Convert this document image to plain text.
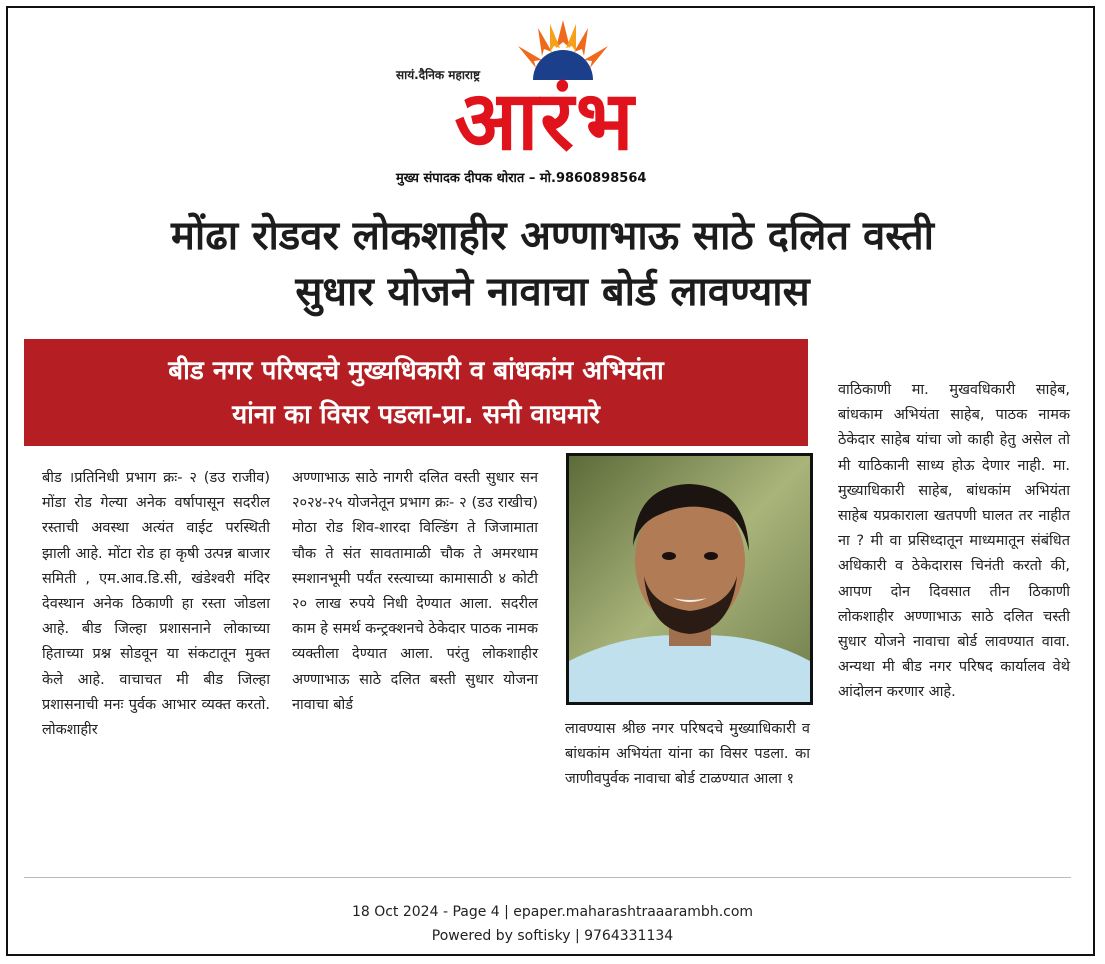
सायं.दैनिक महाराष्ट्र
आरंभ
मुख्य संपादक दीपक थोरात – मो.9860898564
मोंढा रोडवर लोकशाहीर अण्णाभाऊ साठे दलित वस्ती
सुधार योजने नावाचा बोर्ड लावण्यास
बीड नगर परिषदचे मुख्यधिकारी व बांधकांम अभियंता
यांना का विसर पडला-प्रा. सनी वाघमारे
बीड ।प्रतिनिधी प्रभाग क्रः- २ (डउ राजीव) मोंडा रोड गेल्या अनेक वर्षापासून सदरील रस्ताची अवस्था अत्यंत वाईट परस्थिती झाली आहे. मोंटा रोड हा कृषी उत्पन्न बाजार समिती , एम.आव.डि.सी, खंडेश्वरी मंदिर देवस्थान अनेक ठिकाणी हा रस्ता जोडला आहे. बीड जिल्हा प्रशासनाने लोकाच्या हिताच्या प्रश्न सोडवून या संकटातून मुक्त केले आहे. वाचाचत मी बीड जिल्हा प्रशासनाची मनः पुर्वक आभार व्यक्त करतो. लोकशाहीर
अण्णाभाऊ साठे नागरी दलित वस्ती सुधार सन २०२४-२५ योजनेतून प्रभाग क्रः- २ (डउ राखीच) मोठा रोड शिव-शारदा विल्डिंग ते जिजामाता चौक ते संत सावतामाळी चौक ते अमरधाम स्मशानभूमी पर्यंत रस्त्याच्या कामासाठी ४ कोटी २० लाख रुपये निधी देण्यात आला. सदरील काम हे समर्थ कन्ट्रक्शनचे ठेकेदार पाठक नामक व्यक्तीला देण्यात आला. परंतु लोकशाहीर अण्णाभाऊ साठे दलित बस्ती सुधार योजना नावाचा बोर्ड
लावण्यास श्रीछ नगर परिषदचे मुख्याधिकारी व बांधकांम अभियंता यांना का विसर पडला. का जाणीवपुर्वक नावाचा बोर्ड टाळण्यात आला १
वाठिकाणी मा. मुखवधिकारी साहेब, बांधकाम अभियंता साहेब, पाठक नामक ठेकेदार साहेब यांचा जो काही हेतु असेल तो मी याठिकानी साध्य होऊ देणार नाही. मा. मुख्याधिकारी साहेब, बांधकांम अभियंता साहेब यप्रकाराला खतपणी घालत तर नाहीत ना ? मी वा प्रसिध्दातून माध्यमातून संबंधित अधिकारी व ठेकेदारास चिनंती करतो की, आपण दोन दिवसात तीन ठिकाणी लोकशाहीर अण्णाभाऊ साठे दलित चस्ती सुधार योजने नावाचा बोर्ड लावण्यात वावा. अन्यथा मी बीड नगर परिषद कार्यालव वेथे आंदोलन करणार आहे.
18 Oct 2024 - Page 4 | epaper.maharashtraaarambh.com
Powered by softisky | 9764331134
